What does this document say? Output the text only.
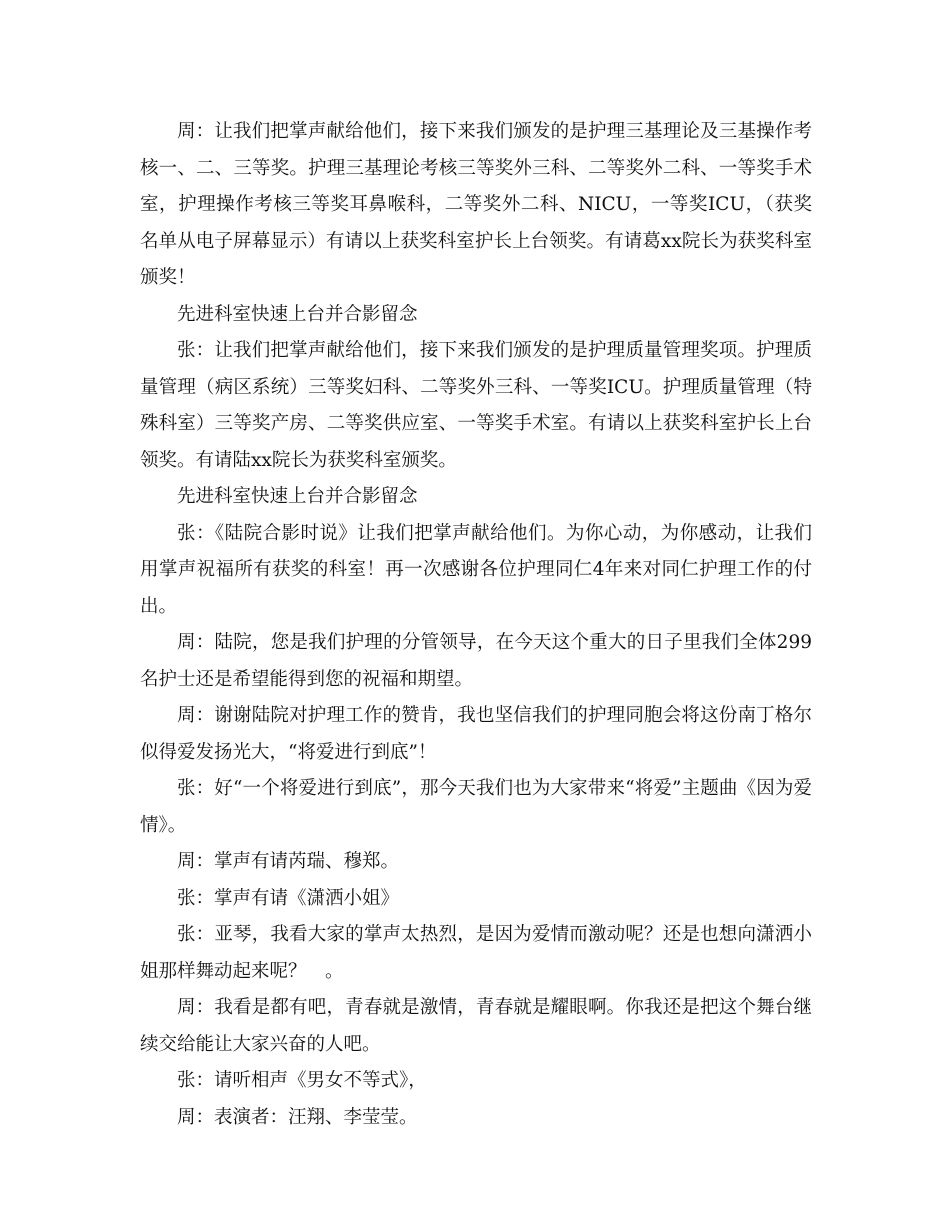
周：让我们把掌声献给他们，接下来我们颁发的是护理三基理论及三基操作考核一、二、三等奖。护理三基理论考核三等奖外三科、二等奖外二科、一等奖手术室，护理操作考核三等奖耳鼻喉科，二等奖外二科、NICU，一等奖ICU，（获奖名单从电子屏幕显示）有请以上获奖科室护长上台领奖。有请葛xx院长为获奖科室颁奖！

先进科室快速上台并合影留念

张：让我们把掌声献给他们，接下来我们颁发的是护理质量管理奖项。护理质量管理（病区系统）三等奖妇科、二等奖外三科、一等奖ICU。护理质量管理（特殊科室）三等奖产房、二等奖供应室、一等奖手术室。有请以上获奖科室护长上台领奖。有请陆xx院长为获奖科室颁奖。

先进科室快速上台并合影留念

张：《陆院合影时说》让我们把掌声献给他们。为你心动，为你感动，让我们用掌声祝福所有获奖的科室！再一次感谢各位护理同仁4年来对同仁护理工作的付出。

周：陆院，您是我们护理的分管领导，在今天这个重大的日子里我们全体299名护士还是希望能得到您的祝福和期望。

周：谢谢陆院对护理工作的赞肯，我也坚信我们的护理同胞会将这份南丁格尔似得爱发扬光大，“将爱进行到底”！

张：好“一个将爱进行到底”，那今天我们也为大家带来“将爱”主题曲《因为爱情》。

周：掌声有请芮瑞、穆郑。

张：掌声有请《潇洒小姐》

张：亚琴，我看大家的掌声太热烈，是因为爱情而激动呢？还是也想向潇洒小姐那样舞动起来呢？　。

周：我看是都有吧，青春就是激情，青春就是耀眼啊。你我还是把这个舞台继续交给能让大家兴奋的人吧。

张：请听相声《男女不等式》，

周：表演者：汪翔、李莹莹。
